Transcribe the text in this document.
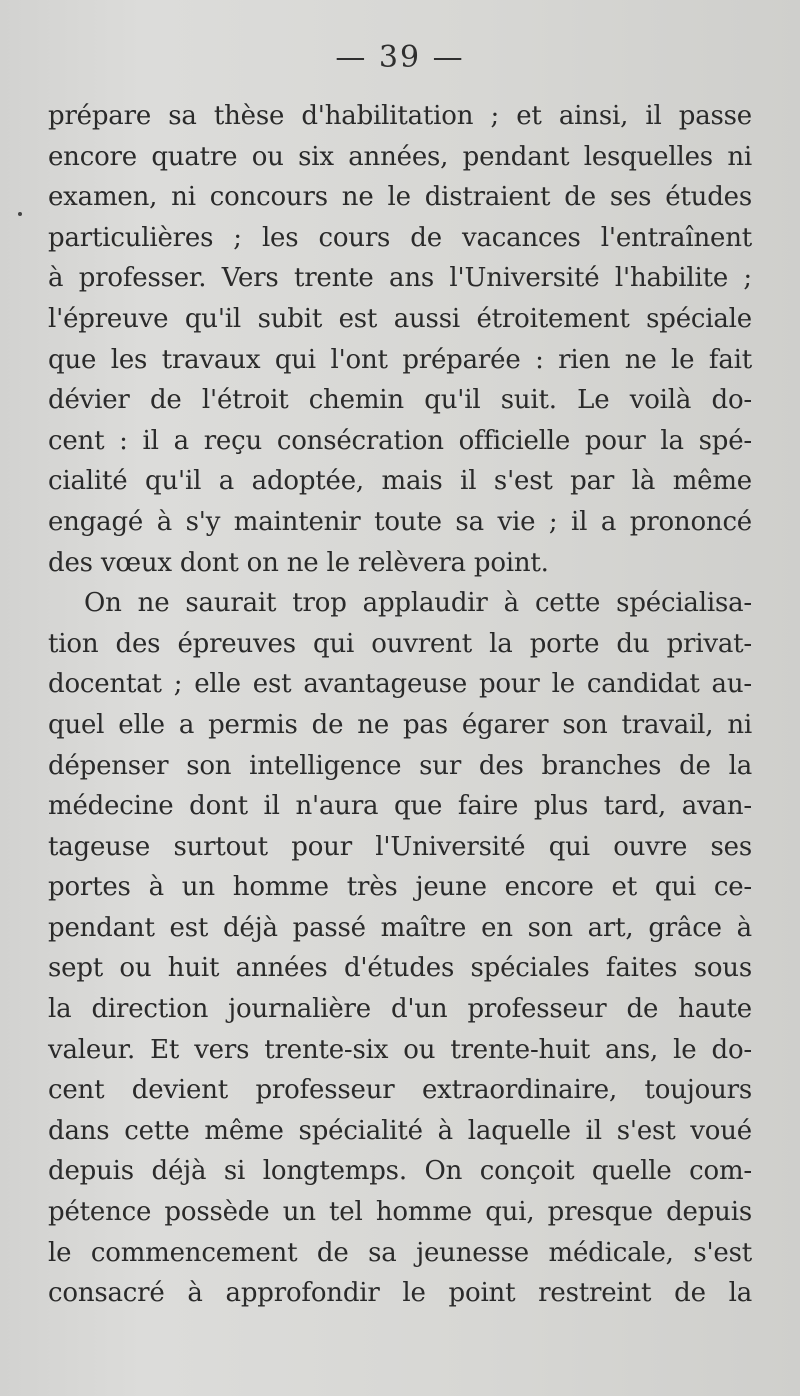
— 39 —
prépare sa thèse d'habilitation ; et ainsi, il passe
encore quatre ou six années, pendant lesquelles ni
examen, ni concours ne le distraient de ses études
particulières ; les cours de vacances l'entraînent
à professer. Vers trente ans l'Université l'habilite ;
l'épreuve qu'il subit est aussi étroitement spéciale
que les travaux qui l'ont préparée : rien ne le fait
dévier de l'étroit chemin qu'il suit. Le voilà do-
cent : il a reçu consécration officielle pour la spé-
cialité qu'il a adoptée, mais il s'est par là même
engagé à s'y maintenir toute sa vie ; il a prononcé
des vœux dont on ne le relèvera point.
On ne saurait trop applaudir à cette spécialisa-
tion des épreuves qui ouvrent la porte du privat-
docentat ; elle est avantageuse pour le candidat au-
quel elle a permis de ne pas égarer son travail, ni
dépenser son intelligence sur des branches de la
médecine dont il n'aura que faire plus tard, avan-
tageuse surtout pour l'Université qui ouvre ses
portes à un homme très jeune encore et qui ce-
pendant est déjà passé maître en son art, grâce à
sept ou huit années d'études spéciales faites sous
la direction journalière d'un professeur de haute
valeur. Et vers trente-six ou trente-huit ans, le do-
cent devient professeur extraordinaire, toujours
dans cette même spécialité à laquelle il s'est voué
depuis déjà si longtemps. On conçoit quelle com-
pétence possède un tel homme qui, presque depuis
le commencement de sa jeunesse médicale, s'est
consacré à approfondir le point restreint de la
